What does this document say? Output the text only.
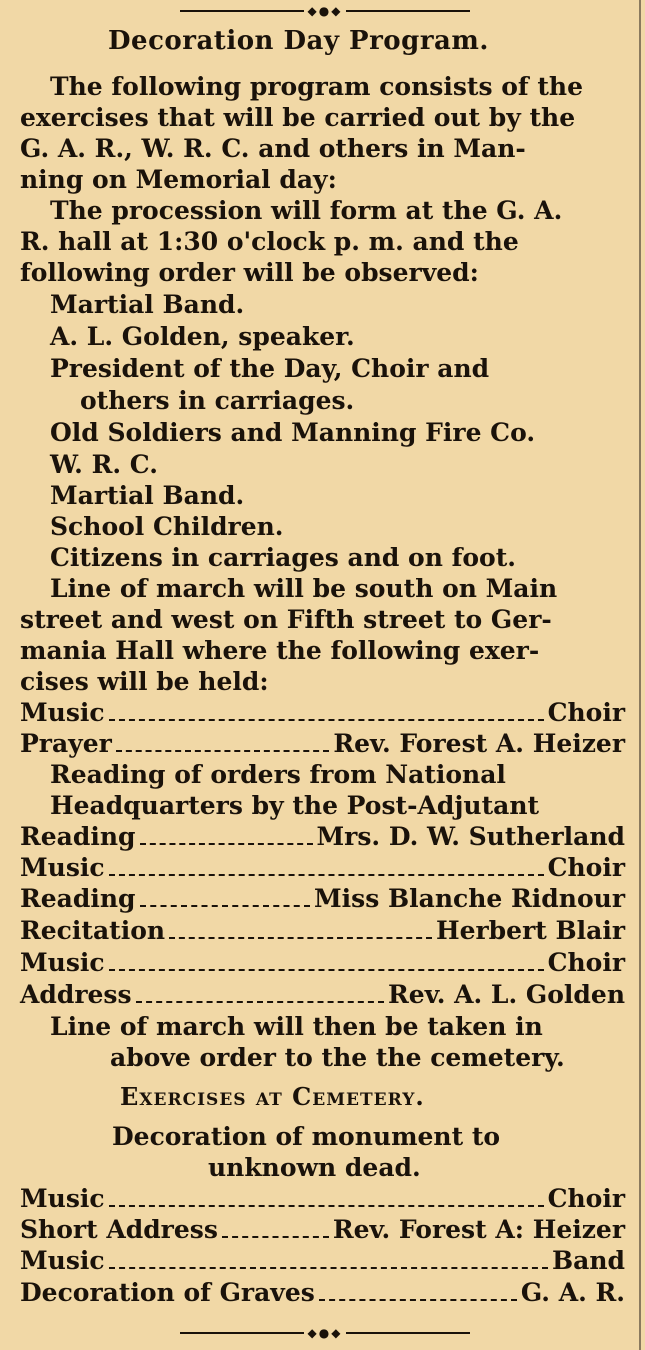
◆●◆
Decoration Day Program.
The following program consists of the
exercises that will be carried out by the
G. A. R., W. R. C. and others in Man-
ning on Memorial day:
The procession will form at the G. A.
R. hall at 1:30 o'clock p. m. and the
following order will be observed:
Martial Band.
A. L. Golden, speaker.
President of the Day, Choir and
others in carriages.
Old Soldiers and Manning Fire Co.
W. R. C.
Martial Band.
School Children.
Citizens in carriages and on foot.
Line of march will be south on Main
street and west on Fifth street to Ger-
mania Hall where the following exer-
cises will be held:
Music	Choir
Prayer	Rev. Forest A. Heizer
Reading of orders from National
Headquarters by the Post-Adjutant
Reading	Mrs. D. W. Sutherland
Music	Choir
Reading	Miss Blanche Ridnour
Recitation	Herbert Blair
Music	Choir
Address	Rev. A. L. Golden
Line of march will then be taken in
above order to the the cemetery.
Exercises at Cemetery.
Decoration of monument to
unknown dead.
Music	Choir
Short Address	Rev. Forest A: Heizer
Music	Band
Decoration of Graves	G. A. R.
◆●◆
